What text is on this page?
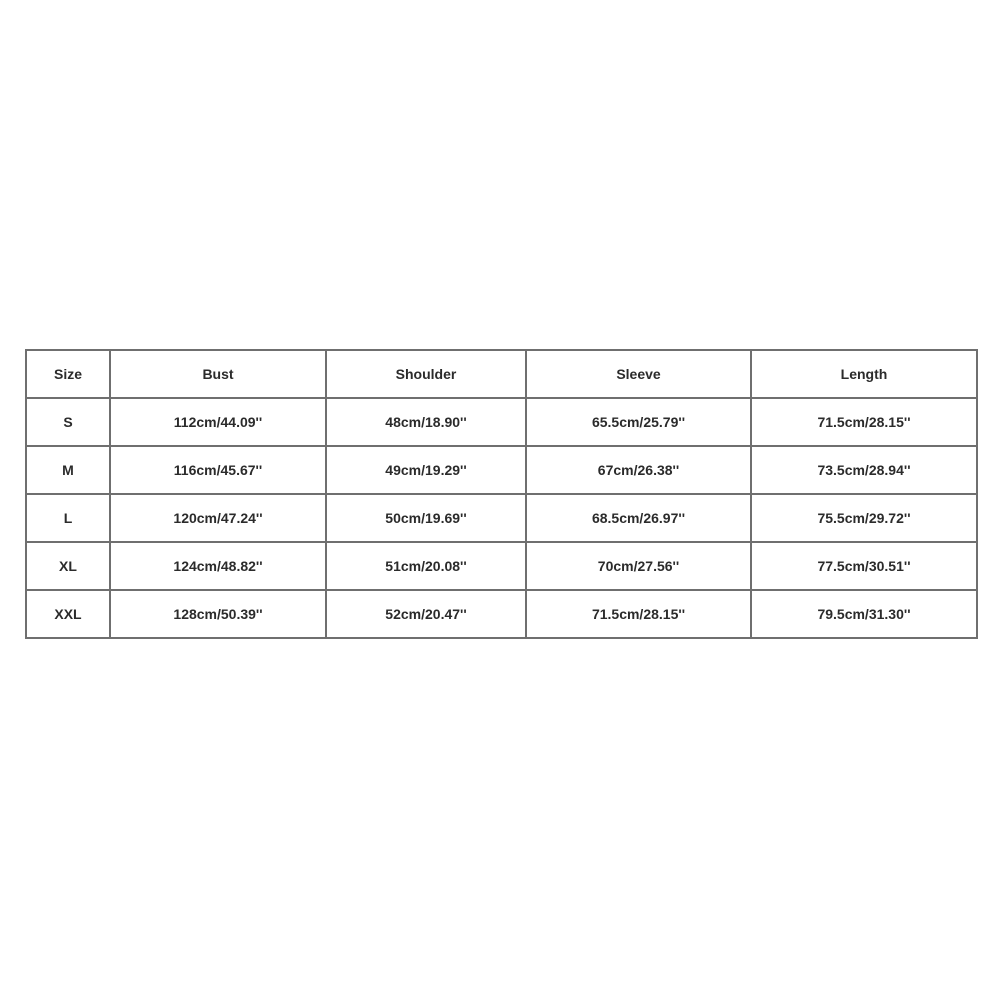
Size	Bust	Shoulder	Sleeve	Length
S	112cm/44.09''	48cm/18.90''	65.5cm/25.79''	71.5cm/28.15''
M	116cm/45.67''	49cm/19.29''	67cm/26.38''	73.5cm/28.94''
L	120cm/47.24''	50cm/19.69''	68.5cm/26.97''	75.5cm/29.72''
XL	124cm/48.82''	51cm/20.08''	70cm/27.56''	77.5cm/30.51''
XXL	128cm/50.39''	52cm/20.47''	71.5cm/28.15''	79.5cm/31.30''
